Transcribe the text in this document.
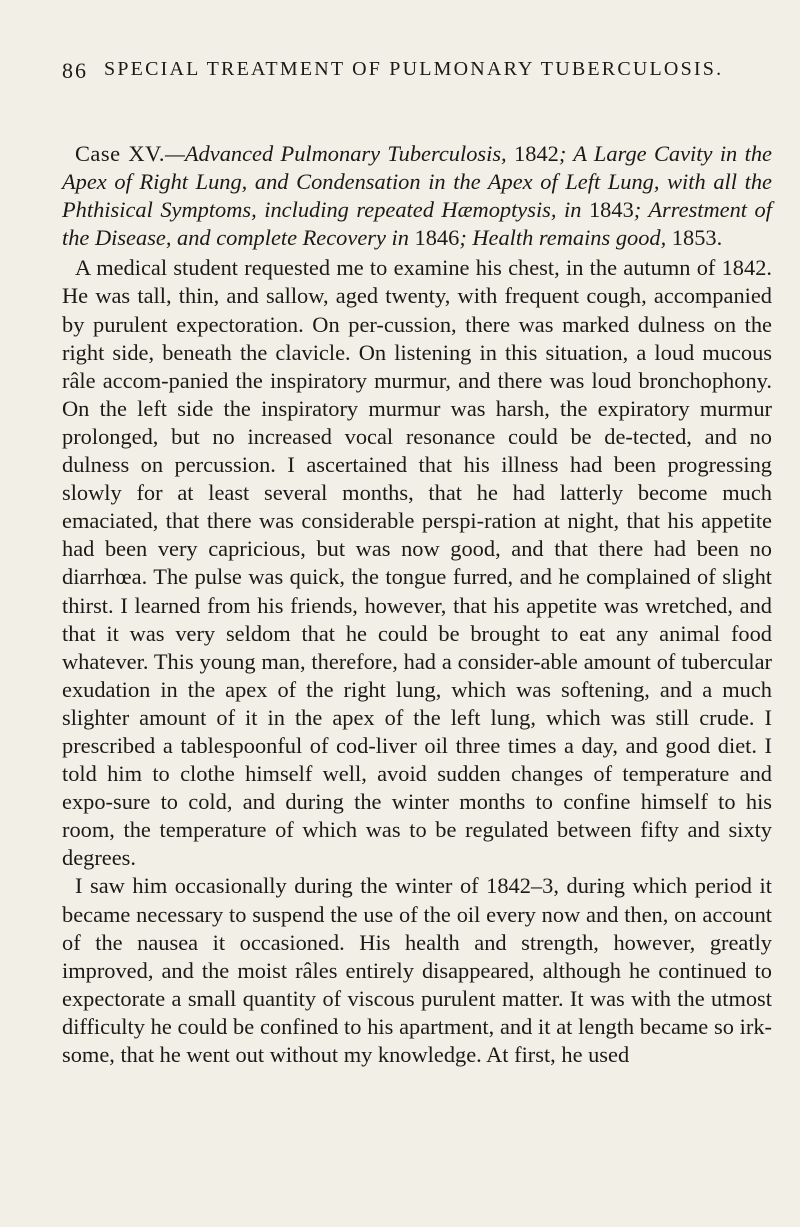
86 SPECIAL TREATMENT OF PULMONARY TUBERCULOSIS.

Case XV.—Advanced Pulmonary Tuberculosis, 1842; A Large Cavity in the Apex of Right Lung, and Condensation in the Apex of Left Lung, with all the Phthisical Symptoms, including repeated Hæmoptysis, in 1843; Arrestment of the Disease, and complete Recovery in 1846; Health remains good, 1853.

A medical student requested me to examine his chest, in the autumn of 1842. He was tall, thin, and sallow, aged twenty, with frequent cough, accompanied by purulent expectoration. On per-cussion, there was marked dulness on the right side, beneath the clavicle. On listening in this situation, a loud mucous râle accom-panied the inspiratory murmur, and there was loud bronchophony. On the left side the inspiratory murmur was harsh, the expiratory murmur prolonged, but no increased vocal resonance could be de-tected, and no dulness on percussion. I ascertained that his illness had been progressing slowly for at least several months, that he had latterly become much emaciated, that there was considerable perspi-ration at night, that his appetite had been very capricious, but was now good, and that there had been no diarrhœa. The pulse was quick, the tongue furred, and he complained of slight thirst. I learned from his friends, however, that his appetite was wretched, and that it was very seldom that he could be brought to eat any animal food whatever. This young man, therefore, had a consider-able amount of tubercular exudation in the apex of the right lung, which was softening, and a much slighter amount of it in the apex of the left lung, which was still crude. I prescribed a tablespoonful of cod-liver oil three times a day, and good diet. I told him to clothe himself well, avoid sudden changes of temperature and expo-sure to cold, and during the winter months to confine himself to his room, the temperature of which was to be regulated between fifty and sixty degrees.

I saw him occasionally during the winter of 1842–3, during which period it became necessary to suspend the use of the oil every now and then, on account of the nausea it occasioned. His health and strength, however, greatly improved, and the moist râles entirely disappeared, although he continued to expectorate a small quantity of viscous purulent matter. It was with the utmost difficulty he could be confined to his apartment, and it at length became so irk-some, that he went out without my knowledge. At first, he used
